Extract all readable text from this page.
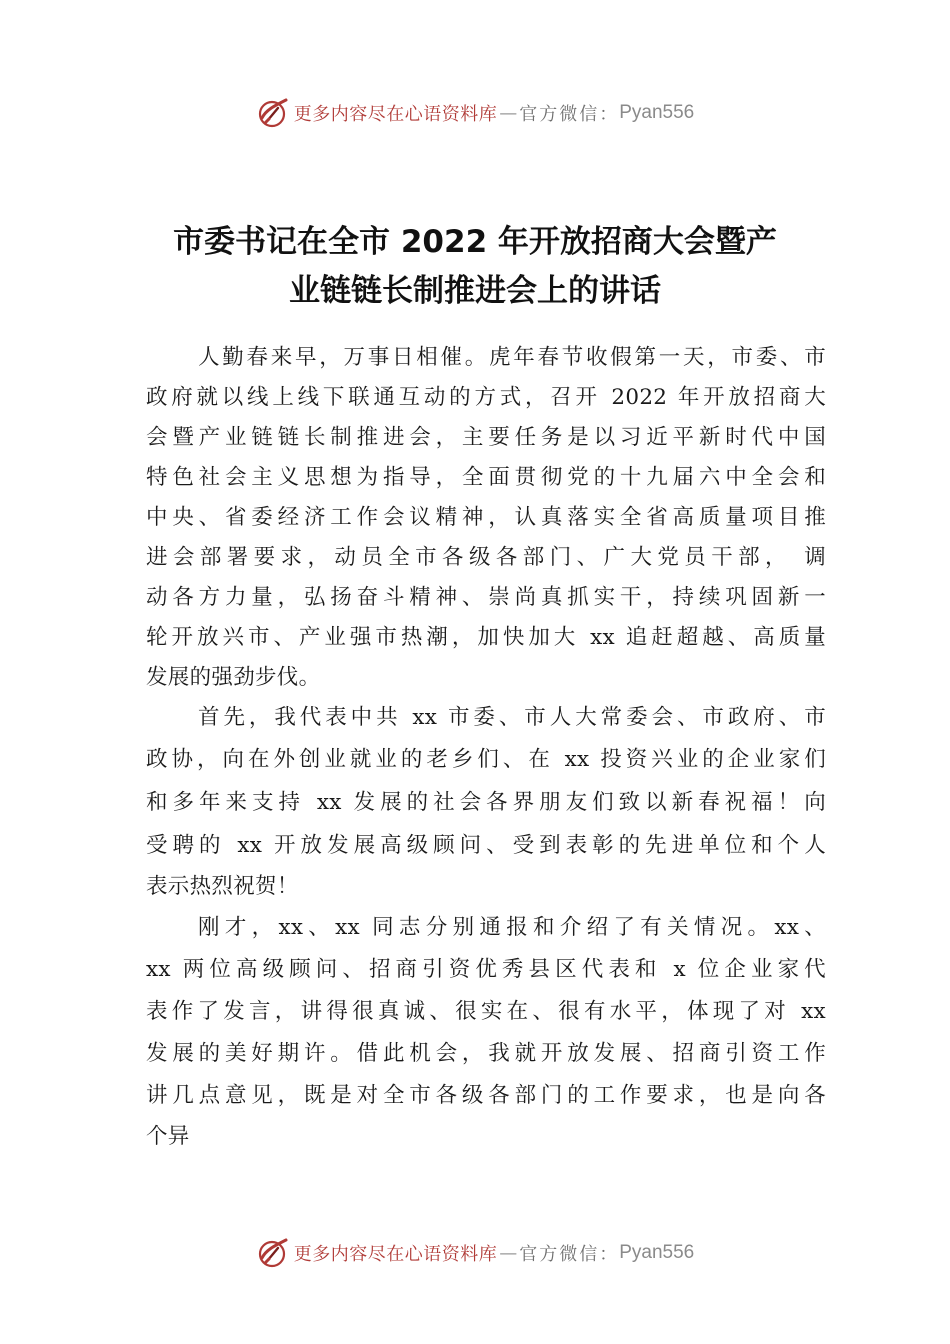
更多内容尽在心语资料库 — 官方微信： Pyan556
市委书记在全市 2022 年开放招商大会暨产
业链链长制推进会上的讲话
人勤春来早，万事日相催。虎年春节收假第一天，市委、市
政府就以线上线下联通互动的方式，召开 2022 年开放招商大
会暨产业链链长制推进会，主要任务是以习近平新时代中国
特色社会主义思想为指导，全面贯彻党的十九届六中全会和
中央、省委经济工作会议精神，认真落实全省高质量项目推
进会部署要求，动员全市各级各部门、广大党员干部， 调
动各方力量，弘扬奋斗精神、崇尚真抓实干，持续巩固新一
轮开放兴市、产业强市热潮，加快加大 xx 追赶超越、高质量
发展的强劲步伐。
首先，我代表中共 xx 市委、市人大常委会、市政府、市
政协，向在外创业就业的老乡们、在 xx 投资兴业的企业家们
和多年来支持 xx 发展的社会各界朋友们致以新春祝福！向
受聘的 xx 开放发展高级顾问、受到表彰的先进单位和个人
表示热烈祝贺！
刚才，xx、xx 同志分别通报和介绍了有关情况。xx、
xx 两位高级顾问、招商引资优秀县区代表和 x 位企业家代
表作了发言，讲得很真诚、很实在、很有水平，体现了对 xx
发展的美好期许。借此机会，我就开放发展、招商引资工作
讲几点意见，既是对全市各级各部门的工作要求，也是向各
个异
更多内容尽在心语资料库 — 官方微信： Pyan556
